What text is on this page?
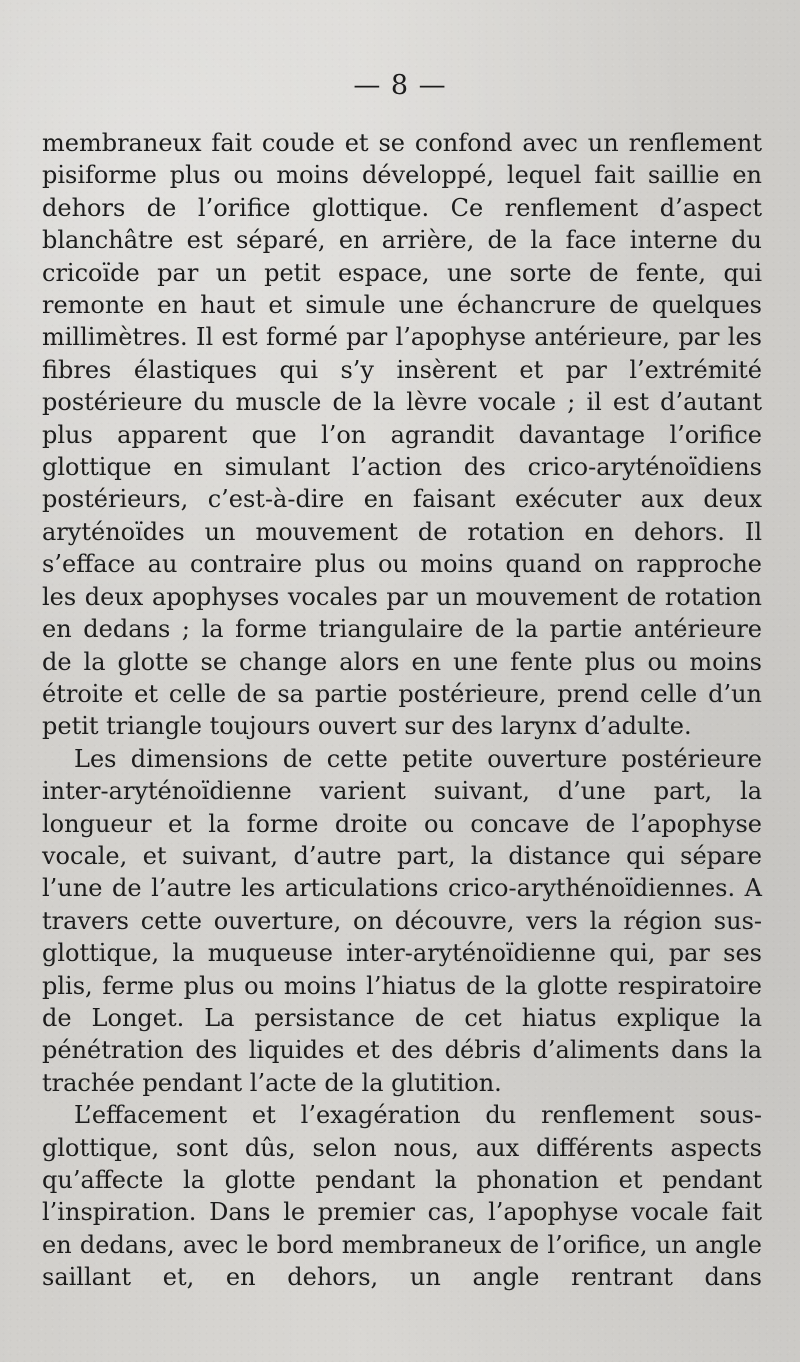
— 8 —

membraneux fait coude et se confond avec un renflement pisiforme plus ou moins développé, lequel fait saillie en dehors de l’orifice glottique. Ce renflement d’aspect blanchâtre est séparé, en arrière, de la face interne du cricoïde par un petit espace, une sorte de fente, qui remonte en haut et simule une échancrure de quelques millimètres. Il est formé par l’apophyse antérieure, par les fibres élastiques qui s’y insèrent et par l’extrémité postérieure du muscle de la lèvre vocale ; il est d’autant plus apparent que l’on agrandit davantage l’orifice glottique en simulant l’action des crico-aryténoïdiens postérieurs, c’est-à-dire en faisant exécuter aux deux aryténoïdes un mouvement de rotation en dehors. Il s’efface au contraire plus ou moins quand on rapproche les deux apophyses vocales par un mouvement de rotation en dedans ; la forme triangulaire de la partie antérieure de la glotte se change alors en une fente plus ou moins étroite et celle de sa partie postérieure, prend celle d’un petit triangle toujours ouvert sur des larynx d’adulte.

Les dimensions de cette petite ouverture postérieure inter-aryténoïdienne varient suivant, d’une part, la longueur et la forme droite ou concave de l’apophyse vocale, et suivant, d’autre part, la distance qui sépare l’une de l’autre les articulations crico-arythénoïdiennes. A travers cette ouverture, on découvre, vers la région sus-glottique, la muqueuse inter-aryténoïdienne qui, par ses plis, ferme plus ou moins l’hiatus de la glotte respiratoire de Longet. La persistance de cet hiatus explique la pénétration des liquides et des débris d’aliments dans la trachée pendant l’acte de la glutition.

L’effacement et l’exagération du renflement sous-glottique, sont dûs, selon nous, aux différents aspects qu’affecte la glotte pendant la phonation et pendant l’inspiration. Dans le premier cas, l’apophyse vocale fait en dedans, avec le bord membraneux de l’orifice, un angle saillant et, en dehors, un angle rentrant dans
